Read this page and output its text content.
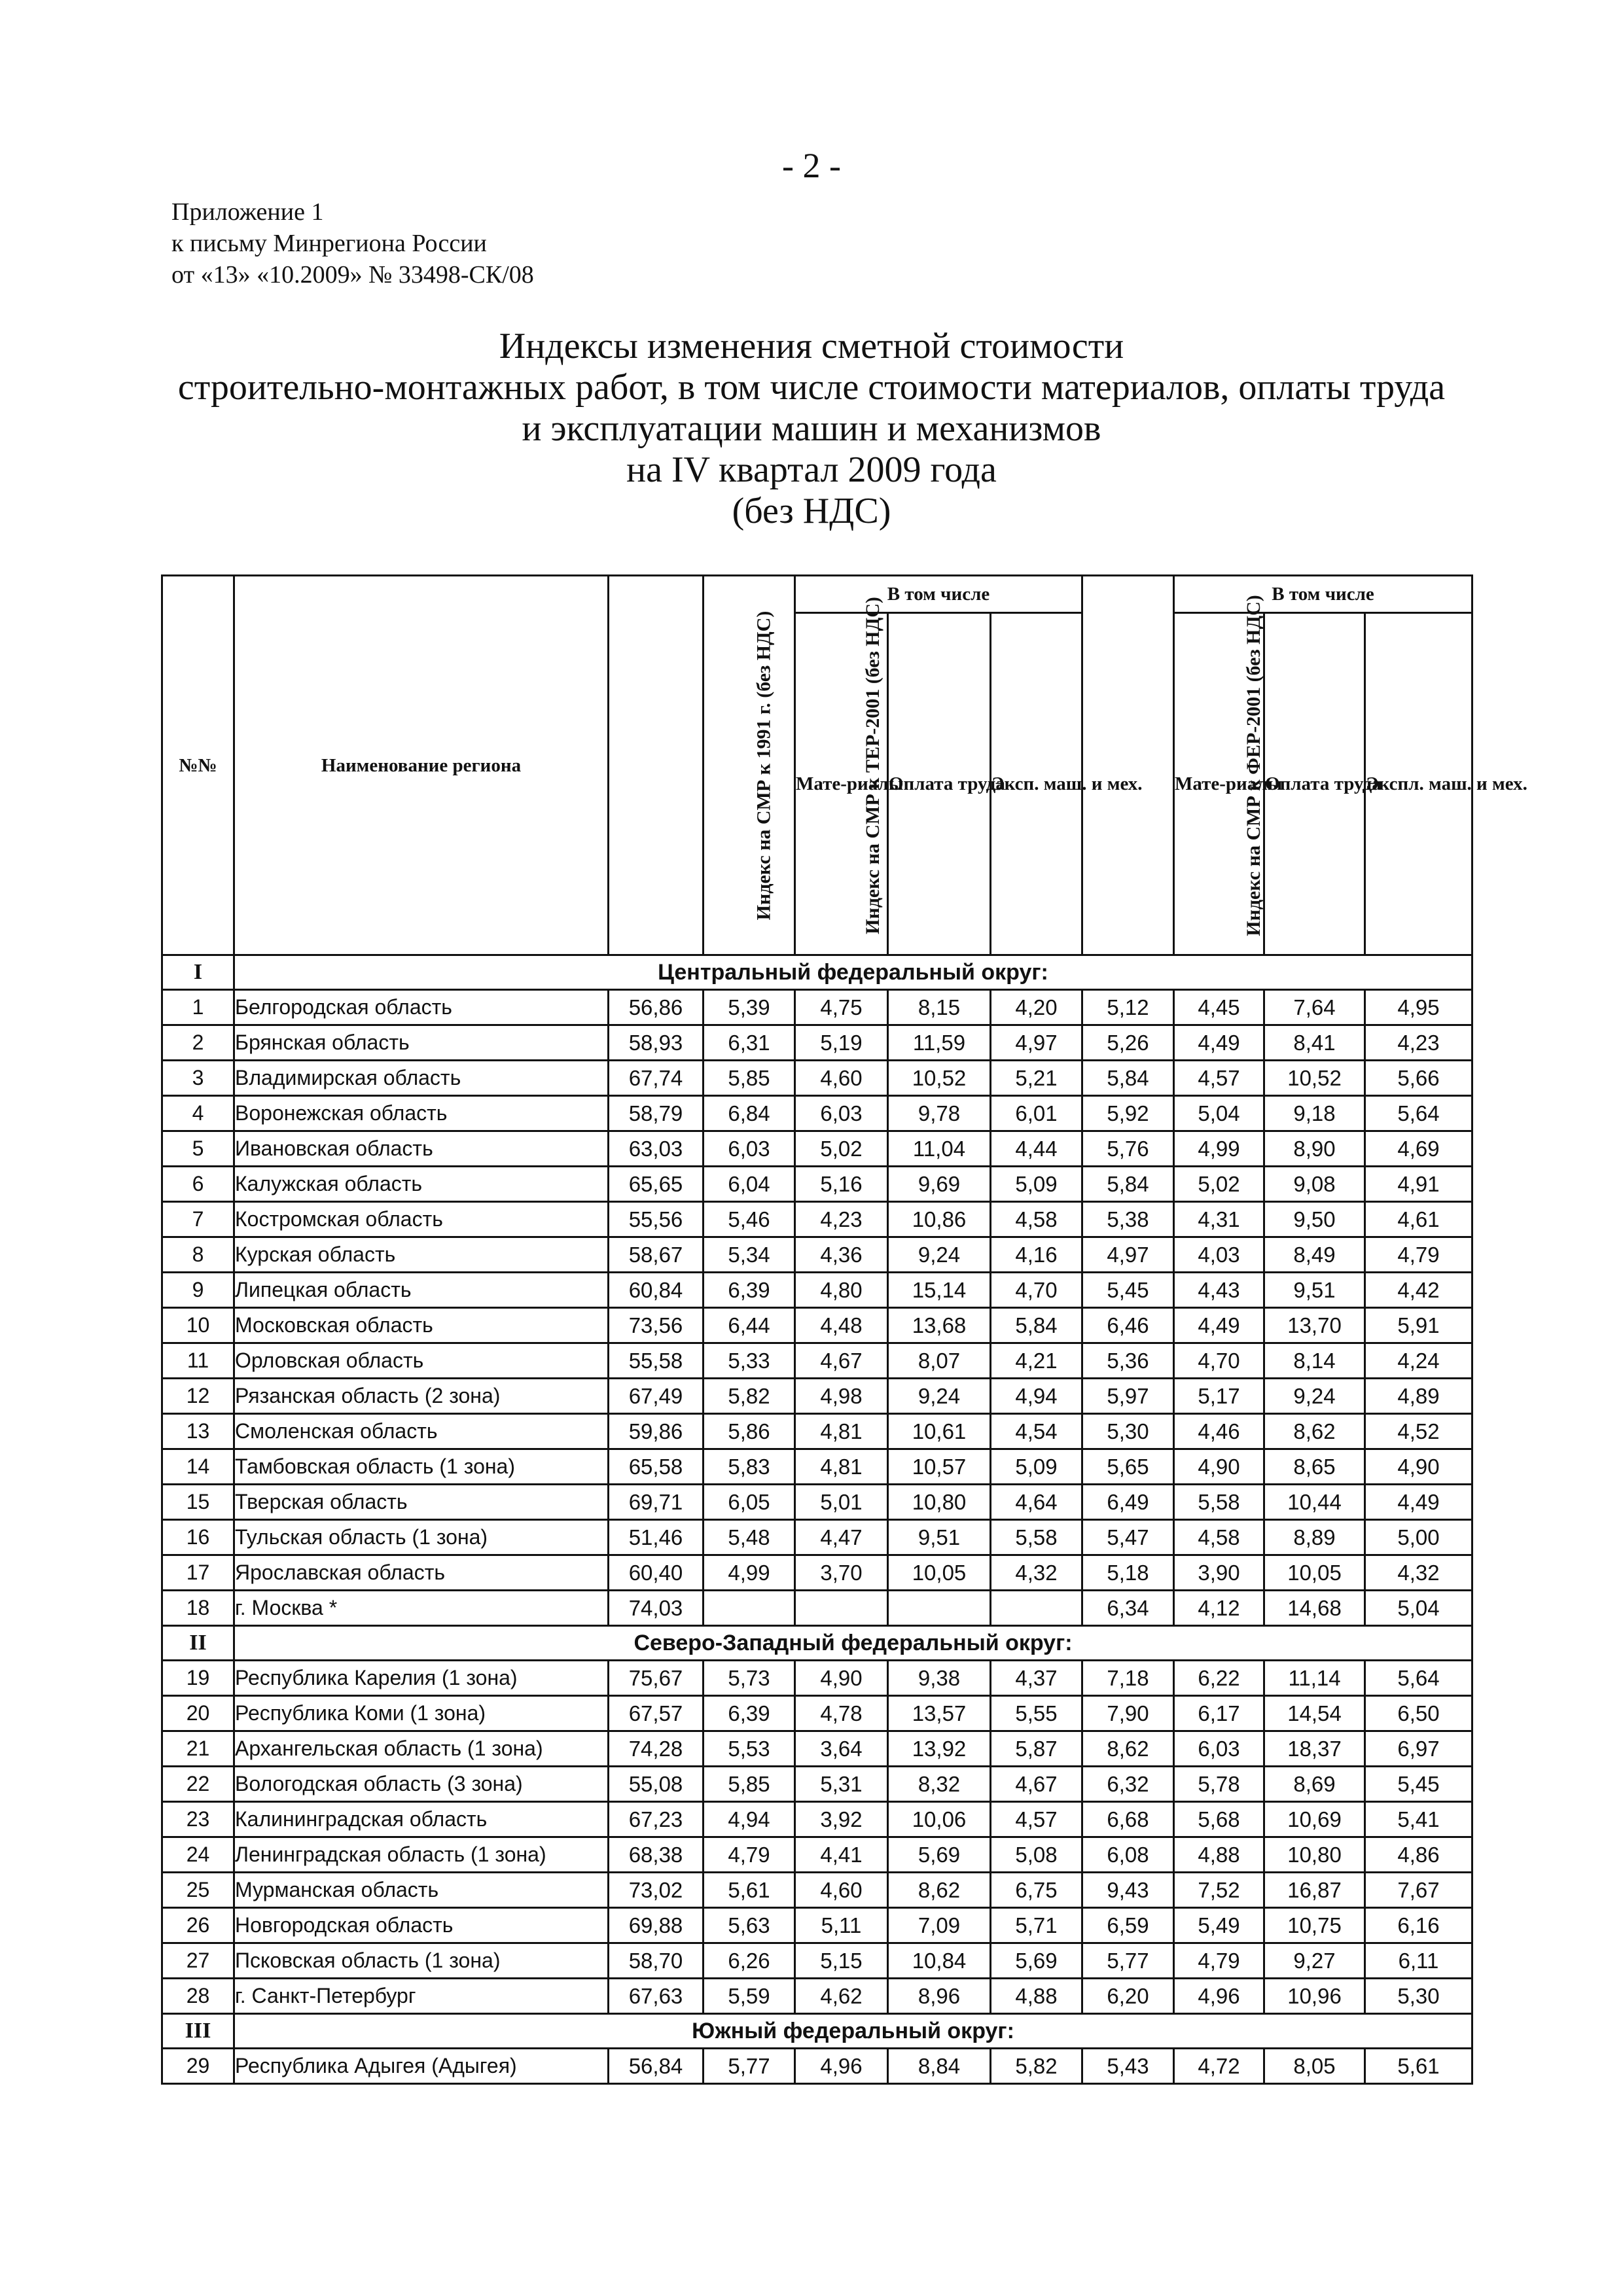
- 2 -
Приложение 1
к письму Минрегиона России
от «13» «10.2009» № 33498-СК/08
Индексы изменения сметной стоимости
строительно-монтажных работ, в том числе стоимости материалов, оплаты труда
и эксплуатации машин и механизмов
на IV квартал 2009 года
(без НДС)
№№	Наименование региона	Индекс на СМР к 1991 г. (без НДС)	Индекс на СМР к ТЕР-2001 (без НДС)	В том числе			Индекс на СМР к ФЕР-2001 (без НДС)	В том числе		
				Мате-риалы	Оплата труда	Эксп. маш. и мех.		Мате-риалы	Оплата труда	Экспл. маш. и мех.
I	Центральный федеральный округ:									
1	Белгородская область	56,86	5,39	4,75	8,15	4,20	5,12	4,45	7,64	4,95
2	Брянская область	58,93	6,31	5,19	11,59	4,97	5,26	4,49	8,41	4,23
3	Владимирская область	67,74	5,85	4,60	10,52	5,21	5,84	4,57	10,52	5,66
4	Воронежская область	58,79	6,84	6,03	9,78	6,01	5,92	5,04	9,18	5,64
5	Ивановская область	63,03	6,03	5,02	11,04	4,44	5,76	4,99	8,90	4,69
6	Калужская область	65,65	6,04	5,16	9,69	5,09	5,84	5,02	9,08	4,91
7	Костромская область	55,56	5,46	4,23	10,86	4,58	5,38	4,31	9,50	4,61
8	Курская область	58,67	5,34	4,36	9,24	4,16	4,97	4,03	8,49	4,79
9	Липецкая область	60,84	6,39	4,80	15,14	4,70	5,45	4,43	9,51	4,42
10	Московская область	73,56	6,44	4,48	13,68	5,84	6,46	4,49	13,70	5,91
11	Орловская область	55,58	5,33	4,67	8,07	4,21	5,36	4,70	8,14	4,24
12	Рязанская область (2 зона)	67,49	5,82	4,98	9,24	4,94	5,97	5,17	9,24	4,89
13	Смоленская область	59,86	5,86	4,81	10,61	4,54	5,30	4,46	8,62	4,52
14	Тамбовская область (1 зона)	65,58	5,83	4,81	10,57	5,09	5,65	4,90	8,65	4,90
15	Тверская область	69,71	6,05	5,01	10,80	4,64	6,49	5,58	10,44	4,49
16	Тульская область (1 зона)	51,46	5,48	4,47	9,51	5,58	5,47	4,58	8,89	5,00
17	Ярославская область	60,40	4,99	3,70	10,05	4,32	5,18	3,90	10,05	4,32
18	г. Москва *	74,03					6,34	4,12	14,68	5,04
II	Северо-Западный федеральный округ:									
19	Республика Карелия (1 зона)	75,67	5,73	4,90	9,38	4,37	7,18	6,22	11,14	5,64
20	Республика Коми (1 зона)	67,57	6,39	4,78	13,57	5,55	7,90	6,17	14,54	6,50
21	Архангельская область (1 зона)	74,28	5,53	3,64	13,92	5,87	8,62	6,03	18,37	6,97
22	Вологодская область (3 зона)	55,08	5,85	5,31	8,32	4,67	6,32	5,78	8,69	5,45
23	Калининградская область	67,23	4,94	3,92	10,06	4,57	6,68	5,68	10,69	5,41
24	Ленинградская область (1 зона)	68,38	4,79	4,41	5,69	5,08	6,08	4,88	10,80	4,86
25	Мурманская область	73,02	5,61	4,60	8,62	6,75	9,43	7,52	16,87	7,67
26	Новгородская область	69,88	5,63	5,11	7,09	5,71	6,59	5,49	10,75	6,16
27	Псковская область (1 зона)	58,70	6,26	5,15	10,84	5,69	5,77	4,79	9,27	6,11
28	г. Санкт-Петербург	67,63	5,59	4,62	8,96	4,88	6,20	4,96	10,96	5,30
III	Южный федеральный округ:									
29	Республика Адыгея (Адыгея)	56,84	5,77	4,96	8,84	5,82	5,43	4,72	8,05	5,61
